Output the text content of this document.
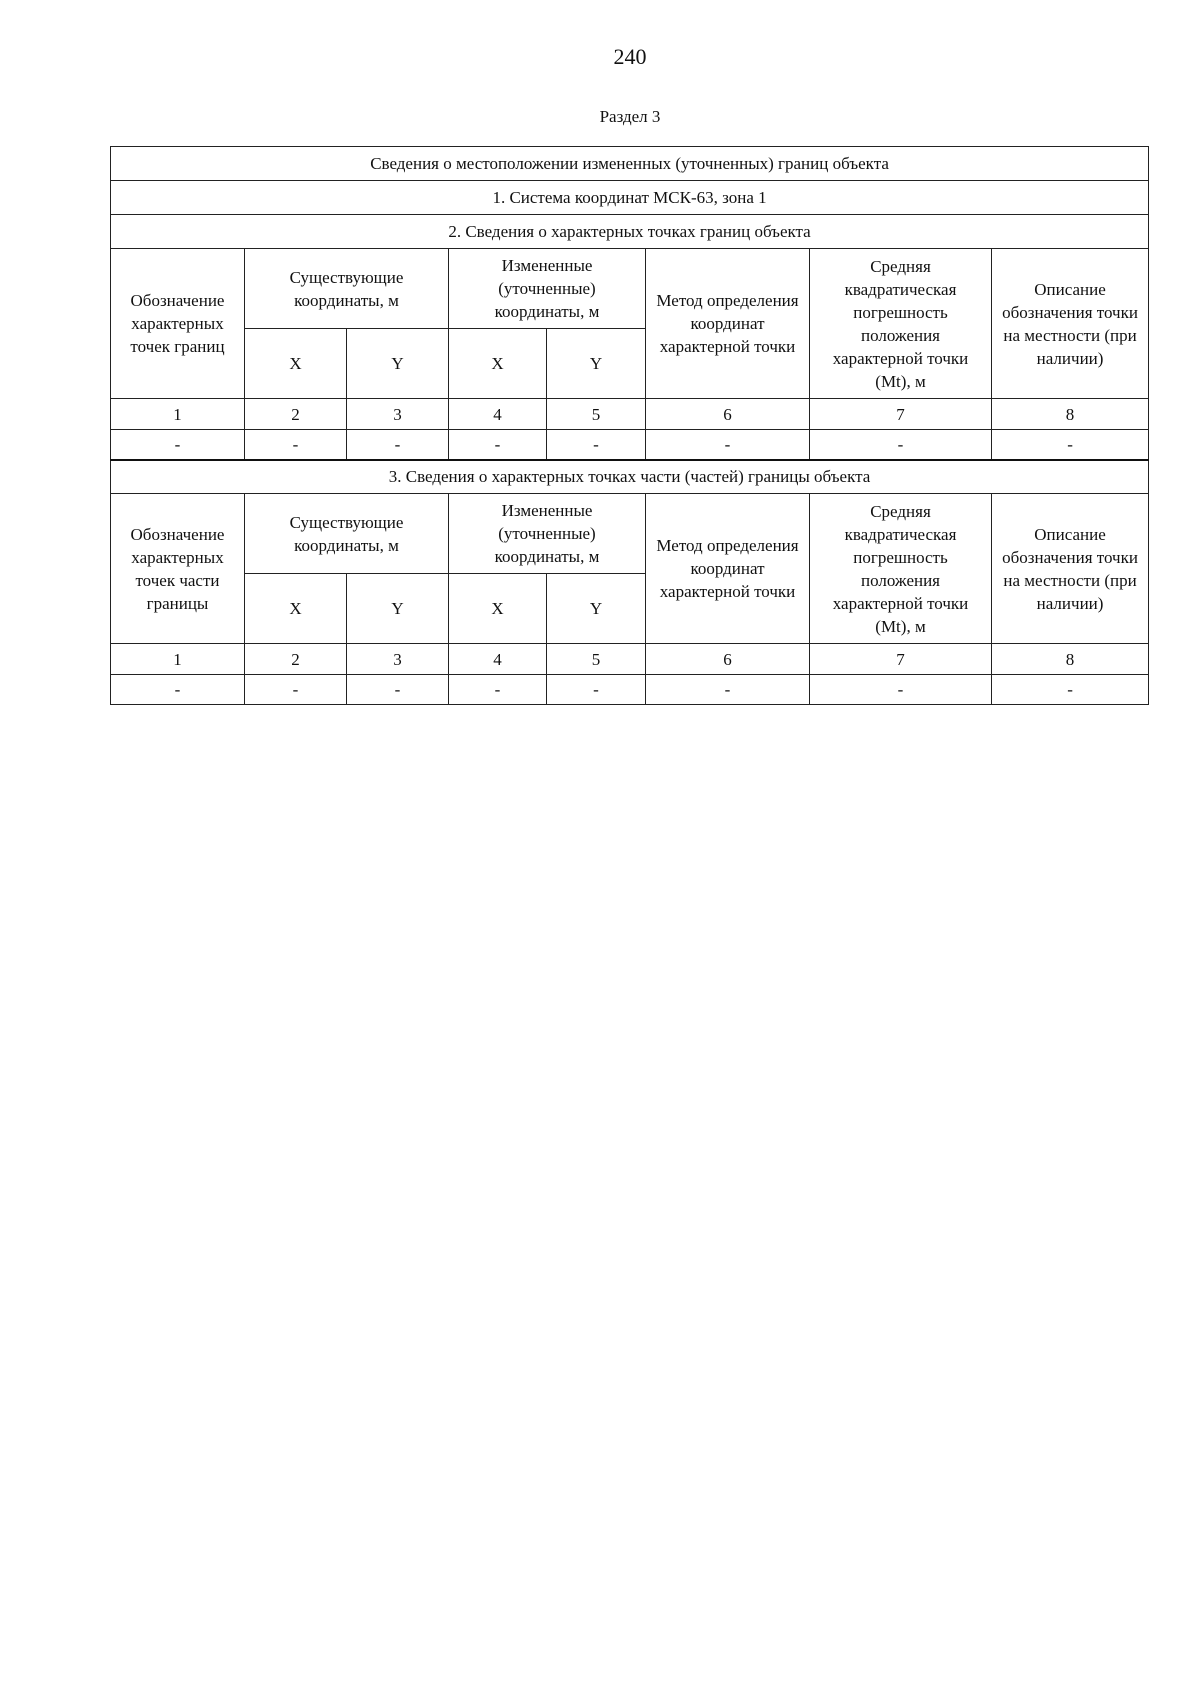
240
Раздел 3
Сведения о местоположении измененных (уточненных) границ объекта							
1. Система координат МСК-63, зона 1							
2. Сведения о характерных точках границ объекта							
Обозначение характерных точек границ	Существующие координаты, м		Измененные (уточненные) координаты, м		Метод определения координат характерной точки	Средняя квадратическая погрешность положения характерной точки (Mt), м	Описание обозначения точки на местности (при наличии)
	X	Y	X	Y			
1	2	3	4	5	6	7	8
-	-	-	-	-	-	-	-
3. Сведения о характерных точках части (частей) границы объекта							
Обозначение характерных точек части границы	Существующие координаты, м		Измененные (уточненные) координаты, м		Метод определения координат характерной точки	Средняя квадратическая погрешность положения характерной точки (Mt), м	Описание обозначения точки на местности (при наличии)
	X	Y	X	Y			
1	2	3	4	5	6	7	8
-	-	-	-	-	-	-	-
